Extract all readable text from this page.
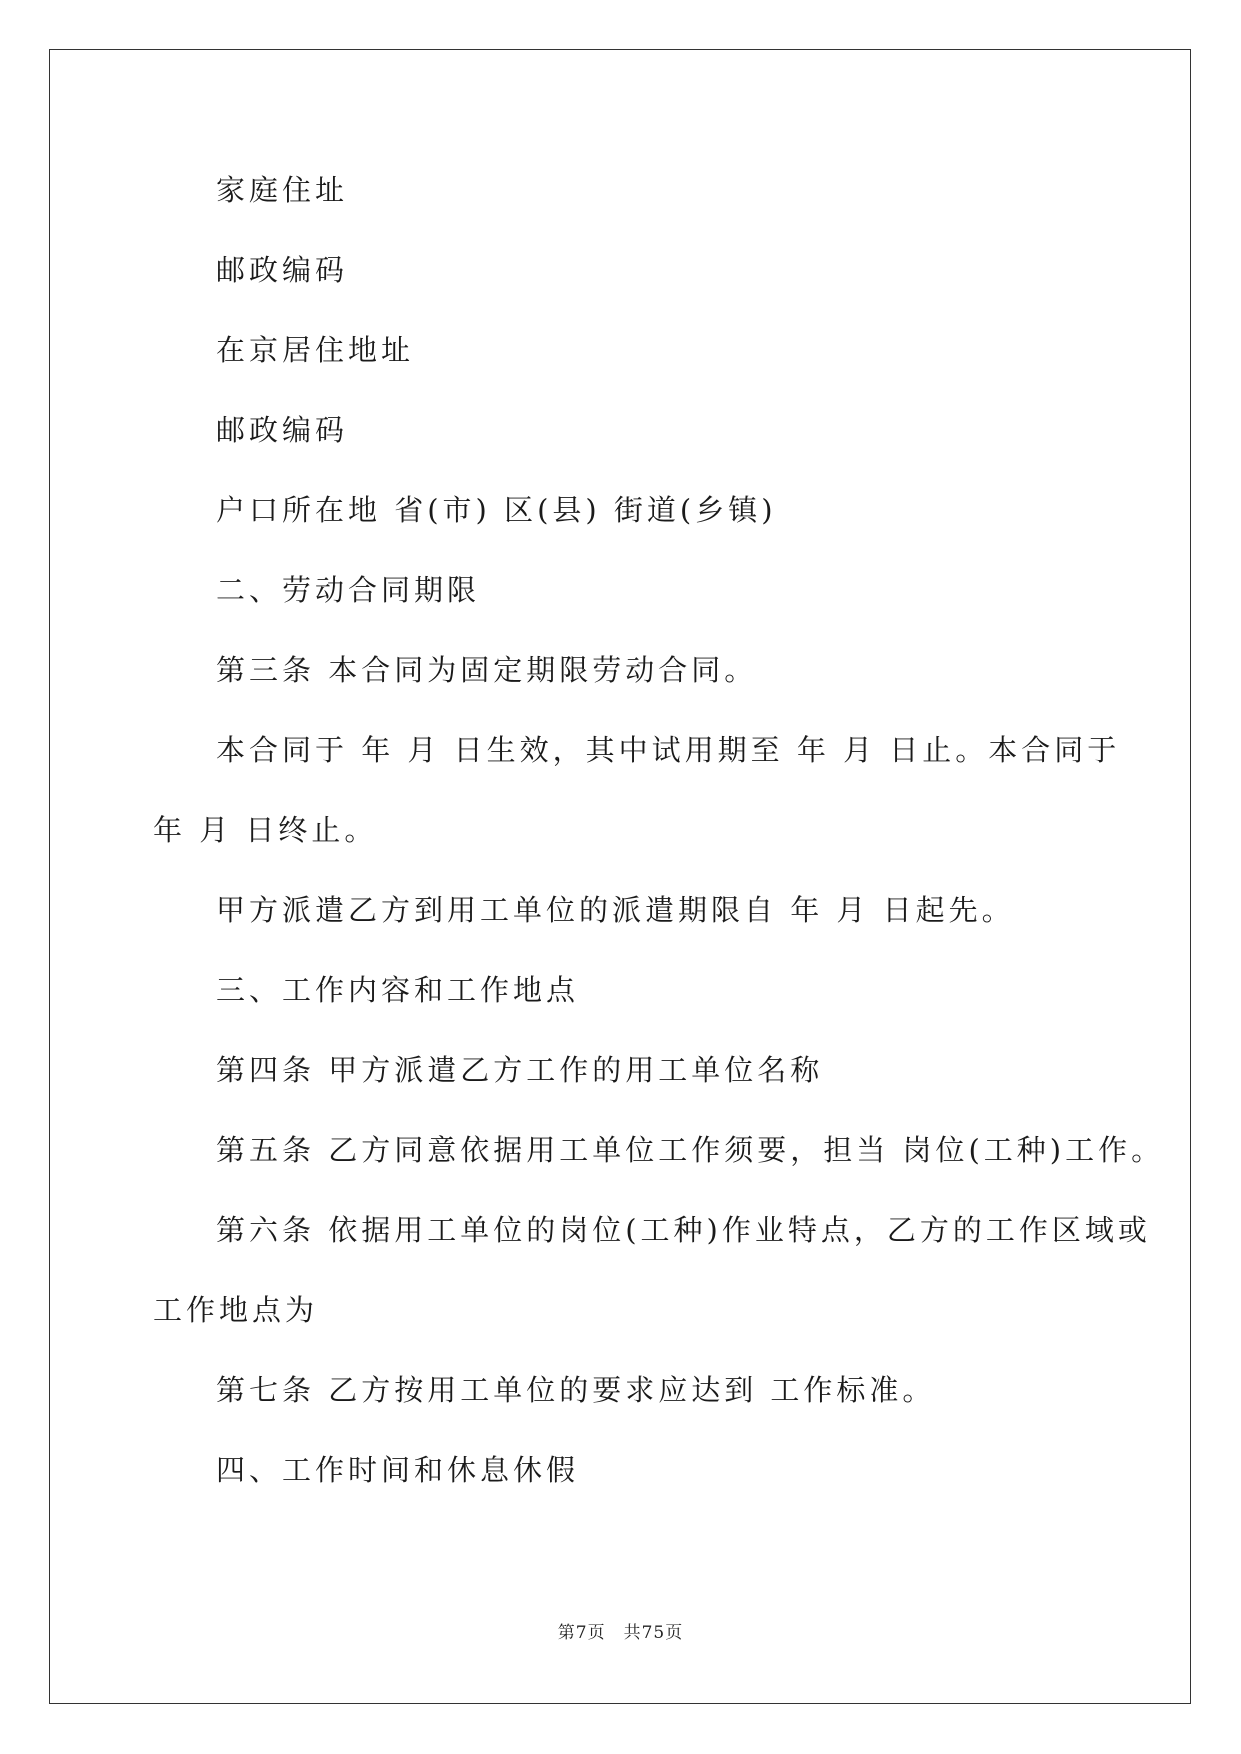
家庭住址
邮政编码
在京居住地址
邮政编码
户口所在地 省(市) 区(县) 街道(乡镇)
二、劳动合同期限
第三条 本合同为固定期限劳动合同。
本合同于 年 月 日生效，其中试用期至 年 月 日止。本合同于
年 月 日终止。
甲方派遣乙方到用工单位的派遣期限自 年 月 日起先。
三、工作内容和工作地点
第四条 甲方派遣乙方工作的用工单位名称
第五条 乙方同意依据用工单位工作须要，担当 岗位(工种)工作。
第六条 依据用工单位的岗位(工种)作业特点，乙方的工作区域或
工作地点为
第七条 乙方按用工单位的要求应达到 工作标准。
四、工作时间和休息休假
第7页　共75页
